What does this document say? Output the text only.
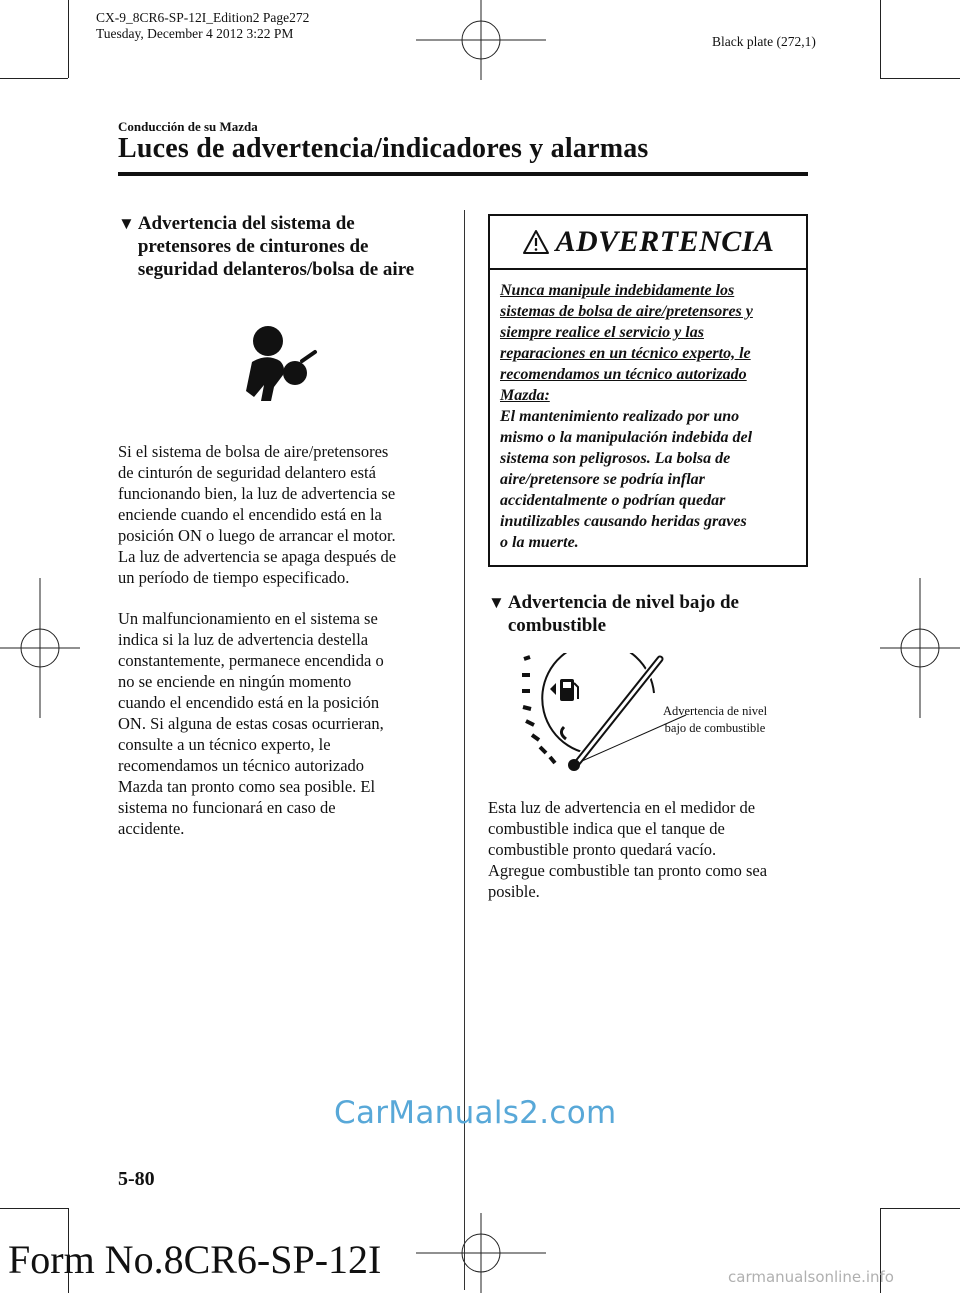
CX-9_8CR6-SP-12I_Edition2 Page272
Tuesday, December 4 2012 3:22 PM
Black plate (272,1)
Conducción de su Mazda
Luces de advertencia/indicadores y alarmas
▼ Advertencia del sistema de
pretensores de cinturones de
seguridad delanteros/bolsa de aire
Si el sistema de bolsa de aire/pretensores
de cinturón de seguridad delantero está
funcionando bien, la luz de advertencia se
enciende cuando el encendido está en la
posición ON o luego de arrancar el motor.
La luz de advertencia se apaga después de
un período de tiempo especificado.
Un malfuncionamiento en el sistema se
indica si la luz de advertencia destella
constantemente, permanece encendida o
no se enciende en ningún momento
cuando el encendido está en la posición
ON. Si alguna de estas cosas ocurrieran,
consulte a un técnico experto, le
recomendamos un técnico autorizado
Mazda tan pronto como sea posible. El
sistema no funcionará en caso de
accidente.
ADVERTENCIA
Nunca manipule indebidamente los
sistemas de bolsa de aire/pretensores y
siempre realice el servicio y las
reparaciones en un técnico experto, le
recomendamos un técnico autorizado
Mazda:
El mantenimiento realizado por uno
mismo o la manipulación indebida del
sistema son peligrosos. La bolsa de
aire/pretensore se podría inflar
accidentalmente o podrían quedar
inutilizables causando heridas graves
o la muerte.
▼ Advertencia de nivel bajo de
combustible
Advertencia de nivel
bajo de combustible
Esta luz de advertencia en el medidor de
combustible indica que el tanque de
combustible pronto quedará vacío.
Agregue combustible tan pronto como sea
posible.
CarManuals2.com
5-80
Form No.8CR6-SP-12I	carmanualsonline.info
